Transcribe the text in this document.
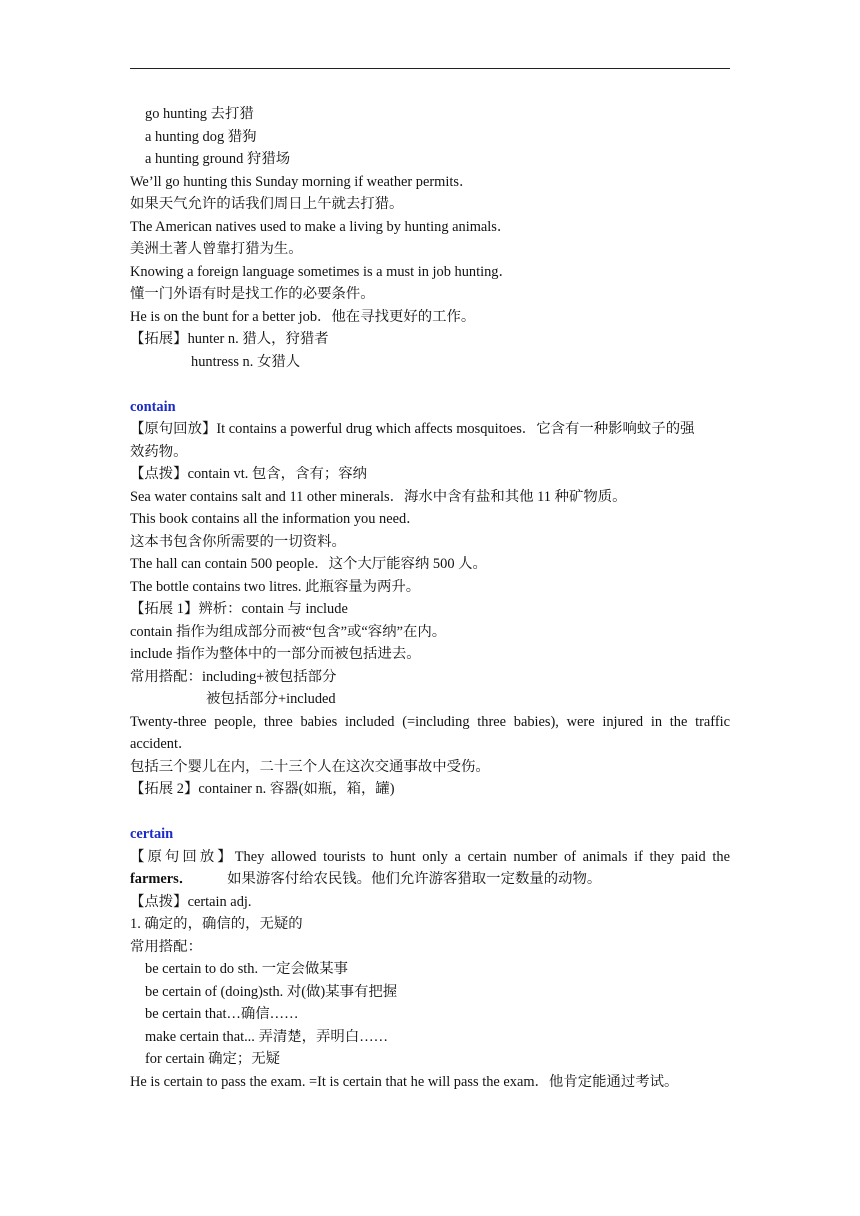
go hunting 去打猎
a hunting dog 猎狗
a hunting ground 狩猎场
We’ll go hunting this Sunday morning if weather permits．
如果天气允许的话我们周日上午就去打猎。
The American natives used to make a living by hunting animals．
美洲土著人曾靠打猎为生。
Knowing a foreign language sometimes is a must in job hunting．
懂一门外语有时是找工作的必要条件。
He is on the bunt for a better job．他在寻找更好的工作。
【拓展】hunter n. 猎人，狩猎者
huntress n. 女猎人
contain
【原句回放】It contains a powerful drug which affects mosquitoes．它含有一种影响蚊子的强
效药物。
【点拨】contain vt. 包含，含有；容纳
Sea water contains salt and 11 other minerals．海水中含有盐和其他 11 种矿物质。
This book contains all the information you need．
这本书包含你所需要的一切资料。
The hall can contain 500 people．这个大厅能容纳 500 人。
The bottle contains two litres. 此瓶容量为两升。
【拓展 1】辨析：contain 与 include
contain 指作为组成部分而被“包含”或“容纳”在内。
include 指作为整体中的一部分而被包括进去。
常用搭配：including+被包括部分
被包括部分+included
Twenty-three people, three babies included (=including three babies), were injured in the traffic
accident．
包括三个婴儿在内，二十三个人在这次交通事故中受伤。
【拓展 2】container n. 容器(如瓶，箱，罐)
certain
【原句回放】They allowed tourists to hunt only a certain number of animals if they paid the
farmers． 如果游客付给农民钱。他们允许游客猎取一定数量的动物。
【点拨】certain adj.
1. 确定的，确信的，无疑的
常用搭配：
be certain to do sth. 一定会做某事
be certain of (doing)sth. 对(做)某事有把握
be certain that…确信……
make certain that... 弄清楚，弄明白……
for certain 确定；无疑
He is certain to pass the exam. =It is certain that he will pass the exam．他肯定能通过考试。
